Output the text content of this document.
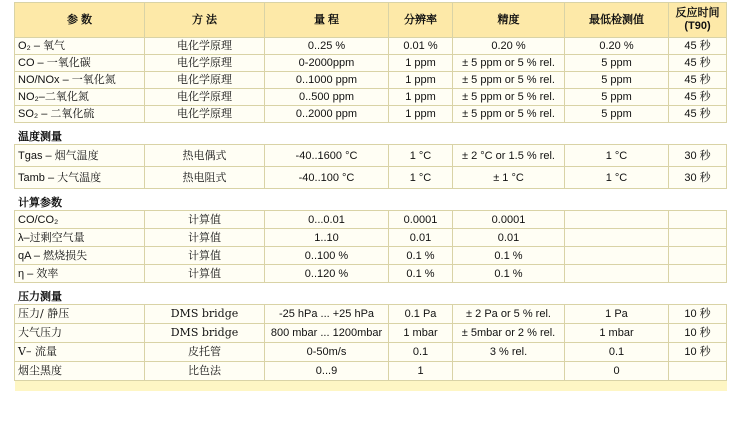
参 数	方 法	量 程	分辨率	精度	最低检测值	反应时间 (T90)
O₂ – 氧气	电化学原理	0..25 %	0.01 %	0.20 %	0.20 %	45 秒
CO – 一氧化碳	电化学原理	0-2000ppm	1 ppm	± 5 ppm or 5 % rel.	5 ppm	45 秒
NO/NOx – 一氧化氮	电化学原理	0..1000 ppm	1 ppm	± 5 ppm or 5 % rel.	5 ppm	45 秒
NO₂–二氧化氮	电化学原理	0..500 ppm	1 ppm	± 5 ppm or 5 % rel.	5 ppm	45 秒
SO₂ – 二氧化硫	电化学原理	0..2000 ppm	1 ppm	± 5 ppm or 5 % rel.	5 ppm	45 秒
温度测量						
Tgas – 烟气温度	热电偶式	-40..1600 °C	1 °C	± 2 °C or 1.5 % rel.	1 °C	30 秒
Tamb – 大气温度	热电阻式	-40..100 °C	1 °C	± 1 °C	1 °C	30 秒
计算参数						
CO/CO₂	计算值	0...0.01	0.0001	0.0001		
λ–过剩空气量	计算值	1..10	0.01	0.01		
qA – 燃烧损失	计算值	0..100 %	0.1 %	0.1 %		
η – 效率	计算值	0..120 %	0.1 %	0.1 %		
压力测量						
压力/ 静压	DMS bridge	-25 hPa ... +25 hPa	0.1 Pa	± 2 Pa or 5 % rel.	1 Pa	10 秒
大气压力	DMS bridge	800 mbar ... 1200mbar	1 mbar	± 5mbar or 2 % rel.	1 mbar	10 秒
V– 流量	皮托管	0-50m/s	0.1	3 % rel.	0.1	10 秒
烟尘黑度	比色法	0...9	1		0	
